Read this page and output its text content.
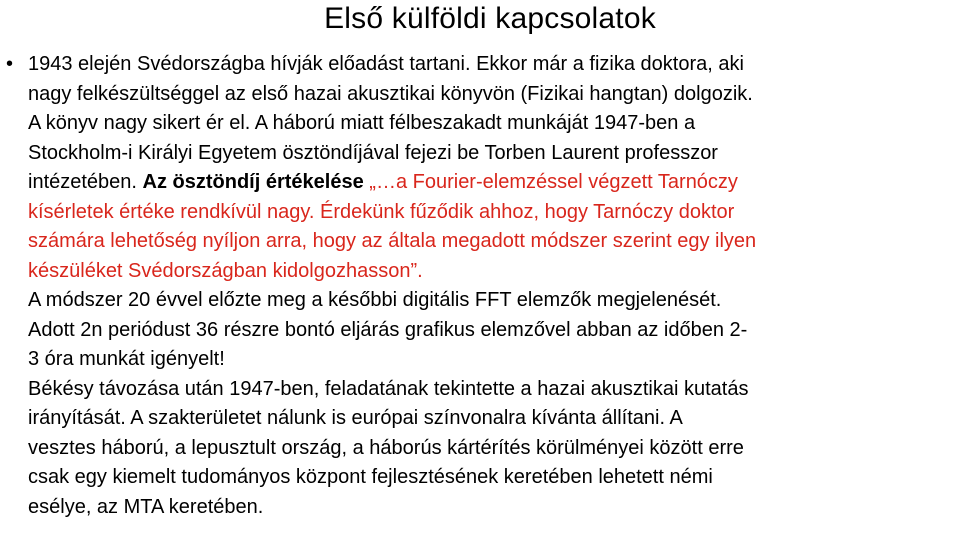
Első külföldi kapcsolatok
• 1943 elején Svédországba hívják előadást tartani. Ekkor már a fizika doktora, aki
nagy felkészültséggel az első hazai akusztikai könyvön (Fizikai hangtan) dolgozik.
A könyv nagy sikert ér el. A háború miatt félbeszakadt munkáját 1947-ben a
Stockholm-i Királyi Egyetem ösztöndíjával fejezi be Torben Laurent professzor
intézetében. Az ösztöndíj értékelése „…a Fourier-elemzéssel végzett Tarnóczy
kísérletek értéke rendkívül nagy. Érdekünk fűződik ahhoz, hogy Tarnóczy doktor
számára lehetőség nyíljon arra, hogy az általa megadott módszer szerint egy ilyen
készüléket Svédországban kidolgozhasson”.
A módszer 20 évvel előzte meg a későbbi digitális FFT elemzők megjelenését.
Adott 2n periódust 36 részre bontó eljárás grafikus elemzővel abban az időben 2-
3 óra munkát igényelt!
Békésy távozása után 1947-ben, feladatának tekintette a hazai akusztikai kutatás
irányítását. A szakterületet nálunk is európai színvonalra kívánta állítani. A
vesztes háború, a lepusztult ország, a háborús kártérítés körülményei között erre
csak egy kiemelt tudományos központ fejlesztésének keretében lehetett némi
esélye, az MTA keretében.
